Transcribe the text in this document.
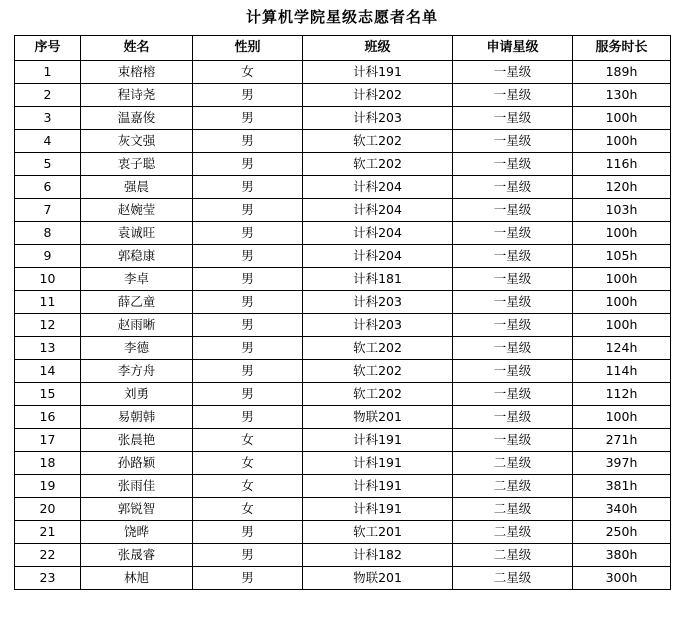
计算机学院星级志愿者名单
序号	姓名	性别	班级	申请星级	服务时长
1	束榕榕	女	计科191	一星级	189h
2	程诗尧	男	计科202	一星级	130h
3	温嘉俊	男	计科203	一星级	100h
4	灰文强	男	软工202	一星级	100h
5	衷子聪	男	软工202	一星级	116h
6	强晨	男	计科204	一星级	120h
7	赵婉莹	男	计科204	一星级	103h
8	袁诚旺	男	计科204	一星级	100h
9	郭稳康	男	计科204	一星级	105h
10	李卓	男	计科181	一星级	100h
11	薛乙童	男	计科203	一星级	100h
12	赵雨晰	男	计科203	一星级	100h
13	李德	男	软工202	一星级	124h
14	李方舟	男	软工202	一星级	114h
15	刘勇	男	软工202	一星级	112h
16	易朝韩	男	物联201	一星级	100h
17	张晨艳	女	计科191	一星级	271h
18	孙路颖	女	计科191	二星级	397h
19	张雨佳	女	计科191	二星级	381h
20	郭锐智	女	计科191	二星级	340h
21	饶晔	男	软工201	二星级	250h
22	张晟睿	男	计科182	二星级	380h
23	林旭	男	物联201	二星级	300h
